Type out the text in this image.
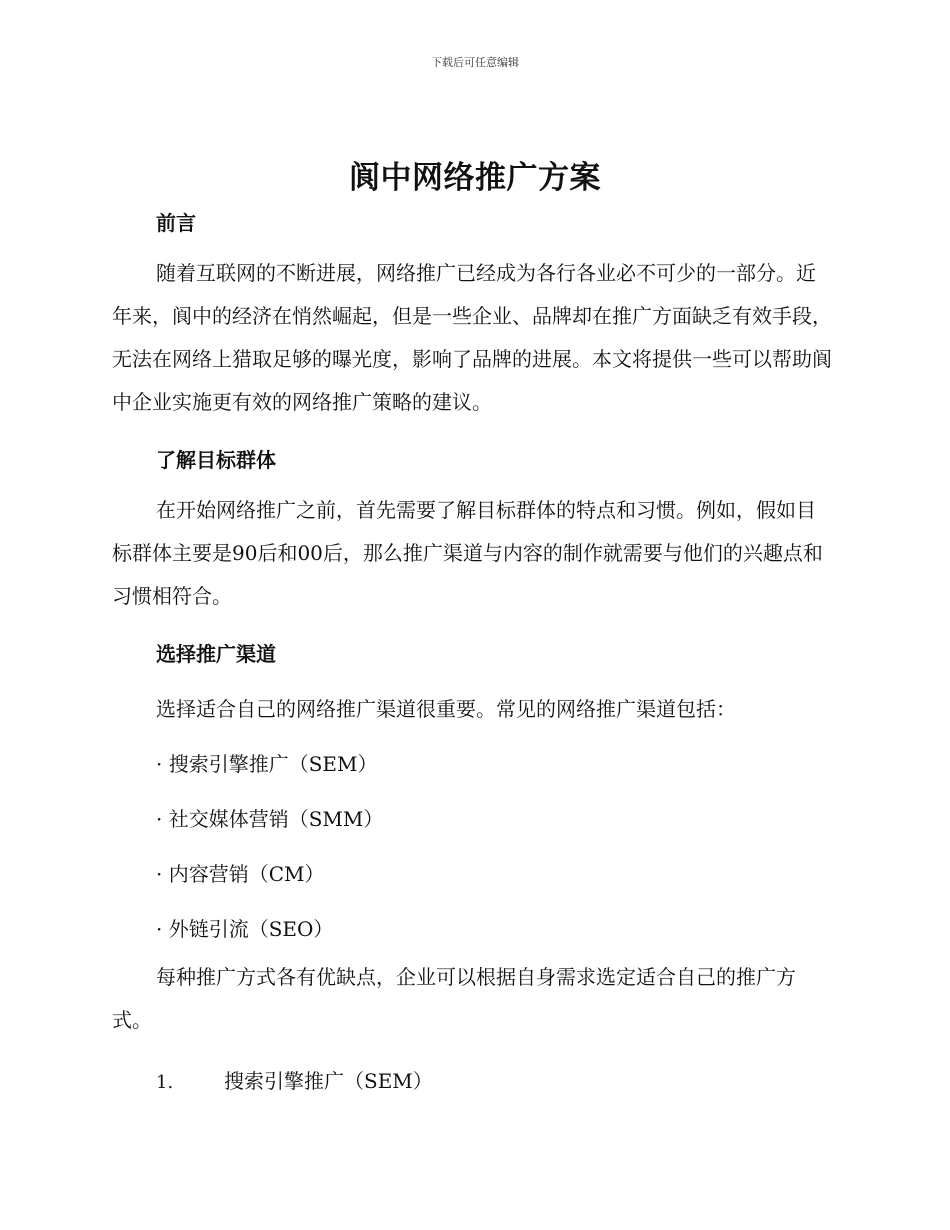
下载后可任意编辑
阆中网络推广方案
前言
随着互联网的不断进展，网络推广已经成为各行各业必不可少的一部分。近年来，阆中的经济在悄然崛起，但是一些企业、品牌却在推广方面缺乏有效手段，无法在网络上猎取足够的曝光度，影响了品牌的进展。本文将提供一些可以帮助阆中企业实施更有效的网络推广策略的建议。
了解目标群体
在开始网络推广之前，首先需要了解目标群体的特点和习惯。例如，假如目标群体主要是90后和00后，那么推广渠道与内容的制作就需要与他们的兴趣点和习惯相符合。
选择推广渠道
选择适合自己的网络推广渠道很重要。常见的网络推广渠道包括：
· 搜索引擎推广（SEM）
· 社交媒体营销（SMM）
· 内容营销（CM）
· 外链引流（SEO）
每种推广方式各有优缺点，企业可以根据自身需求选定适合自己的推广方式。
1.	搜索引擎推广（SEM）
